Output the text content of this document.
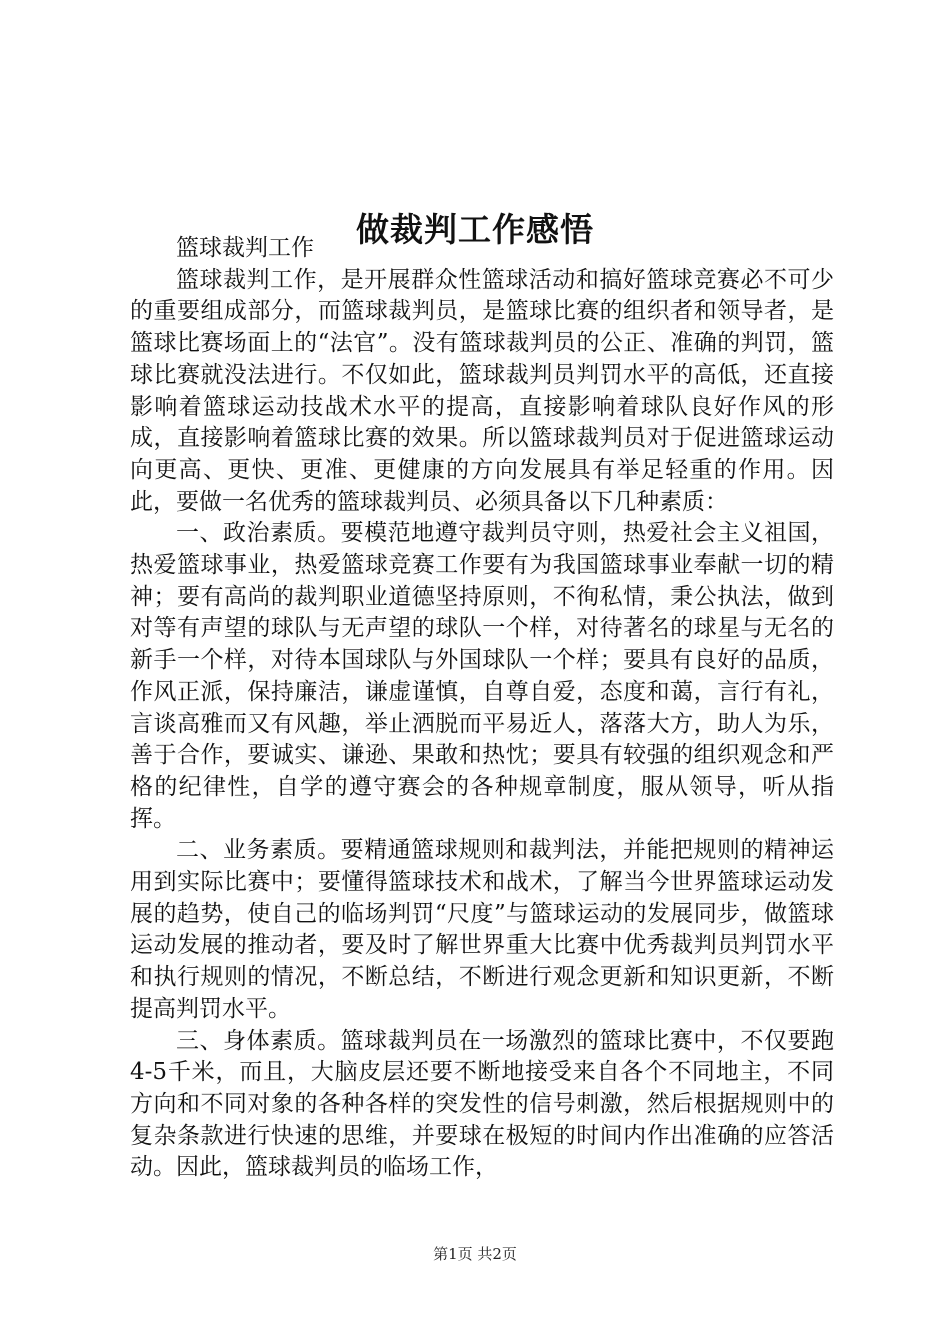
做裁判工作感悟

篮球裁判工作

篮球裁判工作，是开展群众性篮球活动和搞好篮球竞赛必不可少的重要组成部分，而篮球裁判员，是篮球比赛的组织者和领导者，是篮球比赛场面上的“法官”。没有篮球裁判员的公正、准确的判罚，篮球比赛就没法进行。不仅如此，篮球裁判员判罚水平的高低，还直接影响着篮球运动技战术水平的提高，直接影响着球队良好作风的形成，直接影响着篮球比赛的效果。所以篮球裁判员对于促进篮球运动向更高、更快、更准、更健康的方向发展具有举足轻重的作用。因此，要做一名优秀的篮球裁判员、必须具备以下几种素质：

一、政治素质。要模范地遵守裁判员守则，热爱社会主义祖国，热爱篮球事业，热爱篮球竞赛工作要有为我国篮球事业奉献一切的精神；要有高尚的裁判职业道德坚持原则，不徇私情，秉公执法，做到对等有声望的球队与无声望的球队一个样，对待著名的球星与无名的新手一个样，对待本国球队与外国球队一个样；要具有良好的品质，作风正派，保持廉洁，谦虚谨慎，自尊自爱，态度和蔼，言行有礼，言谈高雅而又有风趣，举止洒脱而平易近人，落落大方，助人为乐，善于合作，要诚实、谦逊、果敢和热忱；要具有较强的组织观念和严格的纪律性，自学的遵守赛会的各种规章制度，服从领导，听从指挥。

二、业务素质。要精通篮球规则和裁判法，并能把规则的精神运用到实际比赛中；要懂得篮球技术和战术，了解当今世界篮球运动发展的趋势，使自己的临场判罚“尺度”与篮球运动的发展同步，做篮球运动发展的推动者，要及时了解世界重大比赛中优秀裁判员判罚水平和执行规则的情况，不断总结，不断进行观念更新和知识更新，不断提高判罚水平。

三、身体素质。篮球裁判员在一场激烈的篮球比赛中，不仅要跑4-5千米，而且，大脑皮层还要不断地接受来自各个不同地主，不同方向和不同对象的各种各样的突发性的信号刺激，然后根据规则中的复杂条款进行快速的思维，并要球在极短的时间内作出准确的应答活动。因此，篮球裁判员的临场工作，

第1页 共2页
